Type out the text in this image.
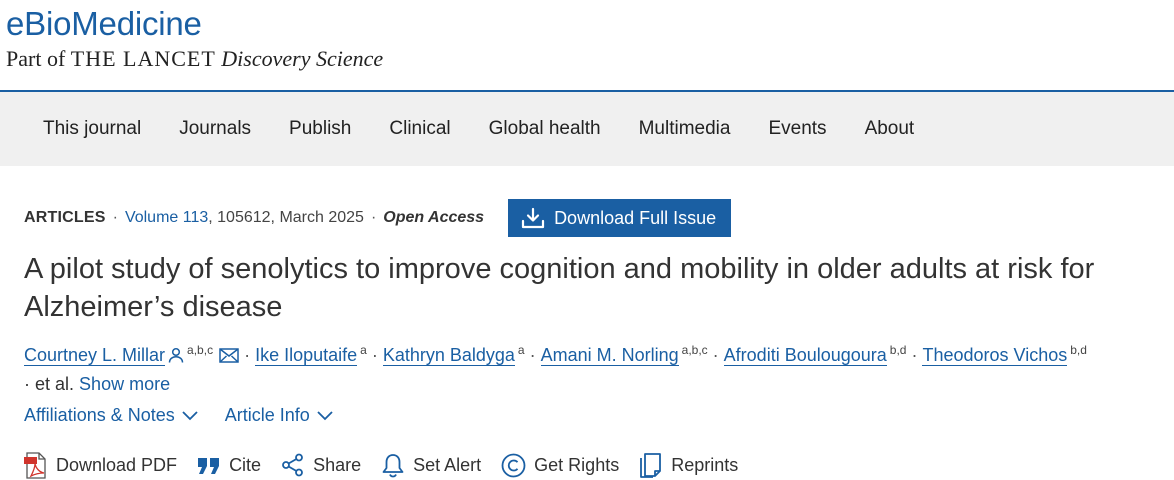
eBioMedicine
Part of THE LANCET Discovery Science
This journal	Journals	Publish	Clinical	Global health	Multimedia	Events	About
ARTICLES · Volume 113 , 105612, March 2025 · Open Access	Download Full Issue
A pilot study of senolytics to improve cognition and mobility in older adults at risk for Alzheimer’s disease
Courtney L. Millar $^{a,b,c}$ · Ike Iloputaife $^a$ · Kathryn Baldyga $^a$ · Amani M. Norling $^{a,b,c}$ · Afroditi Boulougoura $^{b,d}$ · Theodoros Vichos $^{b,d}$
· et al. Show more
Affiliations & Notes	Article Info
Download PDF	Cite	Share	Set Alert	Get Rights	Reprints
